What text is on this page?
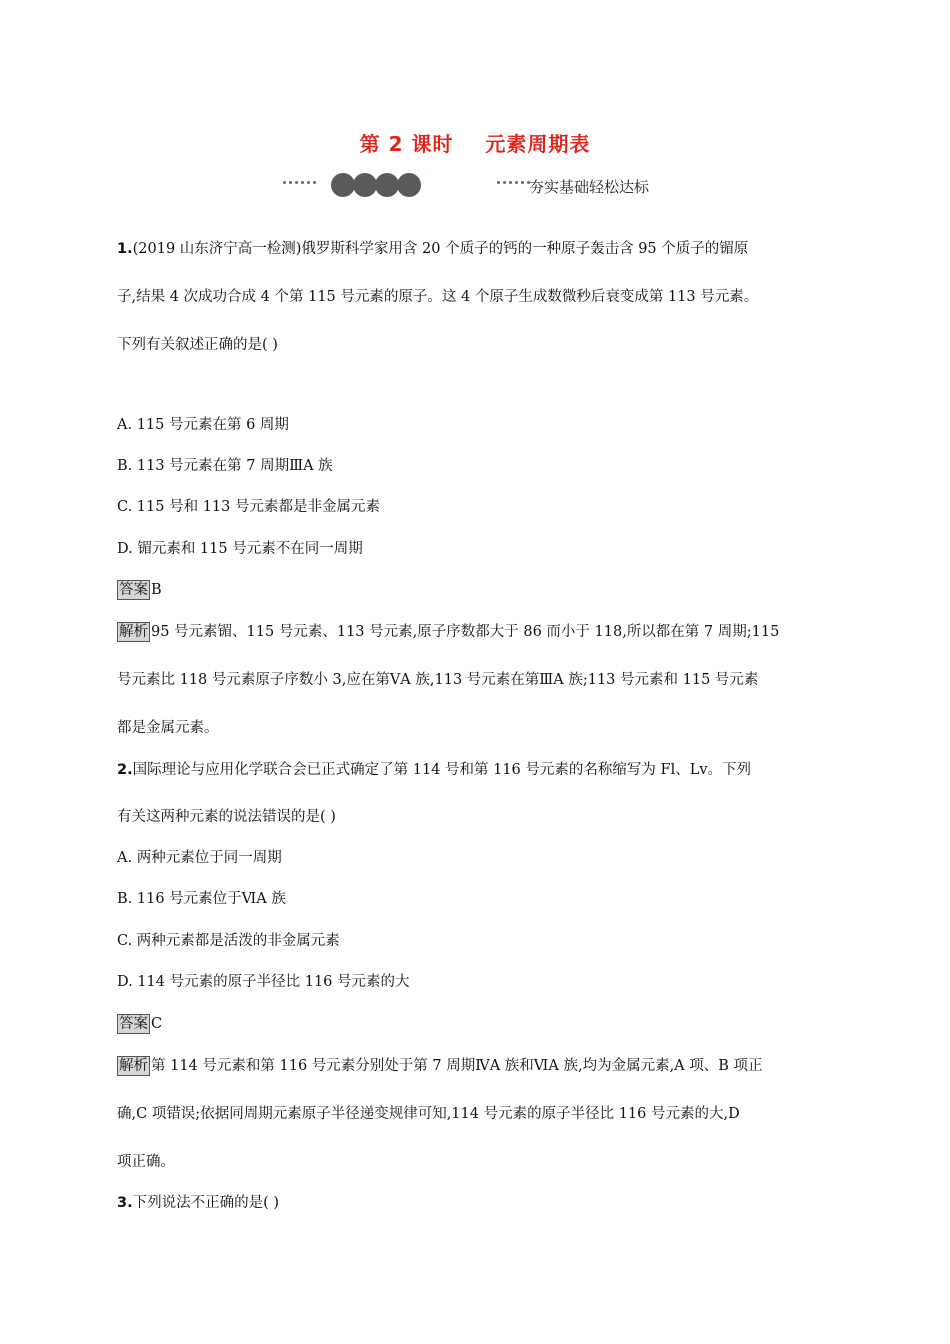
第 2 课时    元素周期表
夯实基础轻松达标
1.(2019 山东济宁高一检测)俄罗斯科学家用含 20 个质子的钙的一种原子轰击含 95 个质子的镅原
子,结果 4 次成功合成 4 个第 115 号元素的原子。这 4 个原子生成数微秒后衰变成第 113 号元素。
下列有关叙述正确的是( )
A. 115 号元素在第 6 周期
B. 113 号元素在第 7 周期ⅢA 族
C. 115 号和 113 号元素都是非金属元素
D. 镅元素和 115 号元素不在同一周期
答案 B
解析 95 号元素镅、115 号元素、113 号元素,原子序数都大于 86 而小于 118,所以都在第 7 周期;115
号元素比 118 号元素原子序数小 3,应在第ⅤA 族,113 号元素在第ⅢA 族;113 号元素和 115 号元素
都是金属元素。
2.国际理论与应用化学联合会已正式确定了第 114 号和第 116 号元素的名称缩写为 Fl、Lv。下列
有关这两种元素的说法错误的是( )
A. 两种元素位于同一周期
B. 116 号元素位于ⅥA 族
C. 两种元素都是活泼的非金属元素
D. 114 号元素的原子半径比 116 号元素的大
答案 C
解析 第 114 号元素和第 116 号元素分别处于第 7 周期ⅣA 族和ⅥA 族,均为金属元素,A 项、B 项正
确,C 项错误;依据同周期元素原子半径递变规律可知,114 号元素的原子半径比 116 号元素的大,D
项正确。
3.下列说法不正确的是( )
